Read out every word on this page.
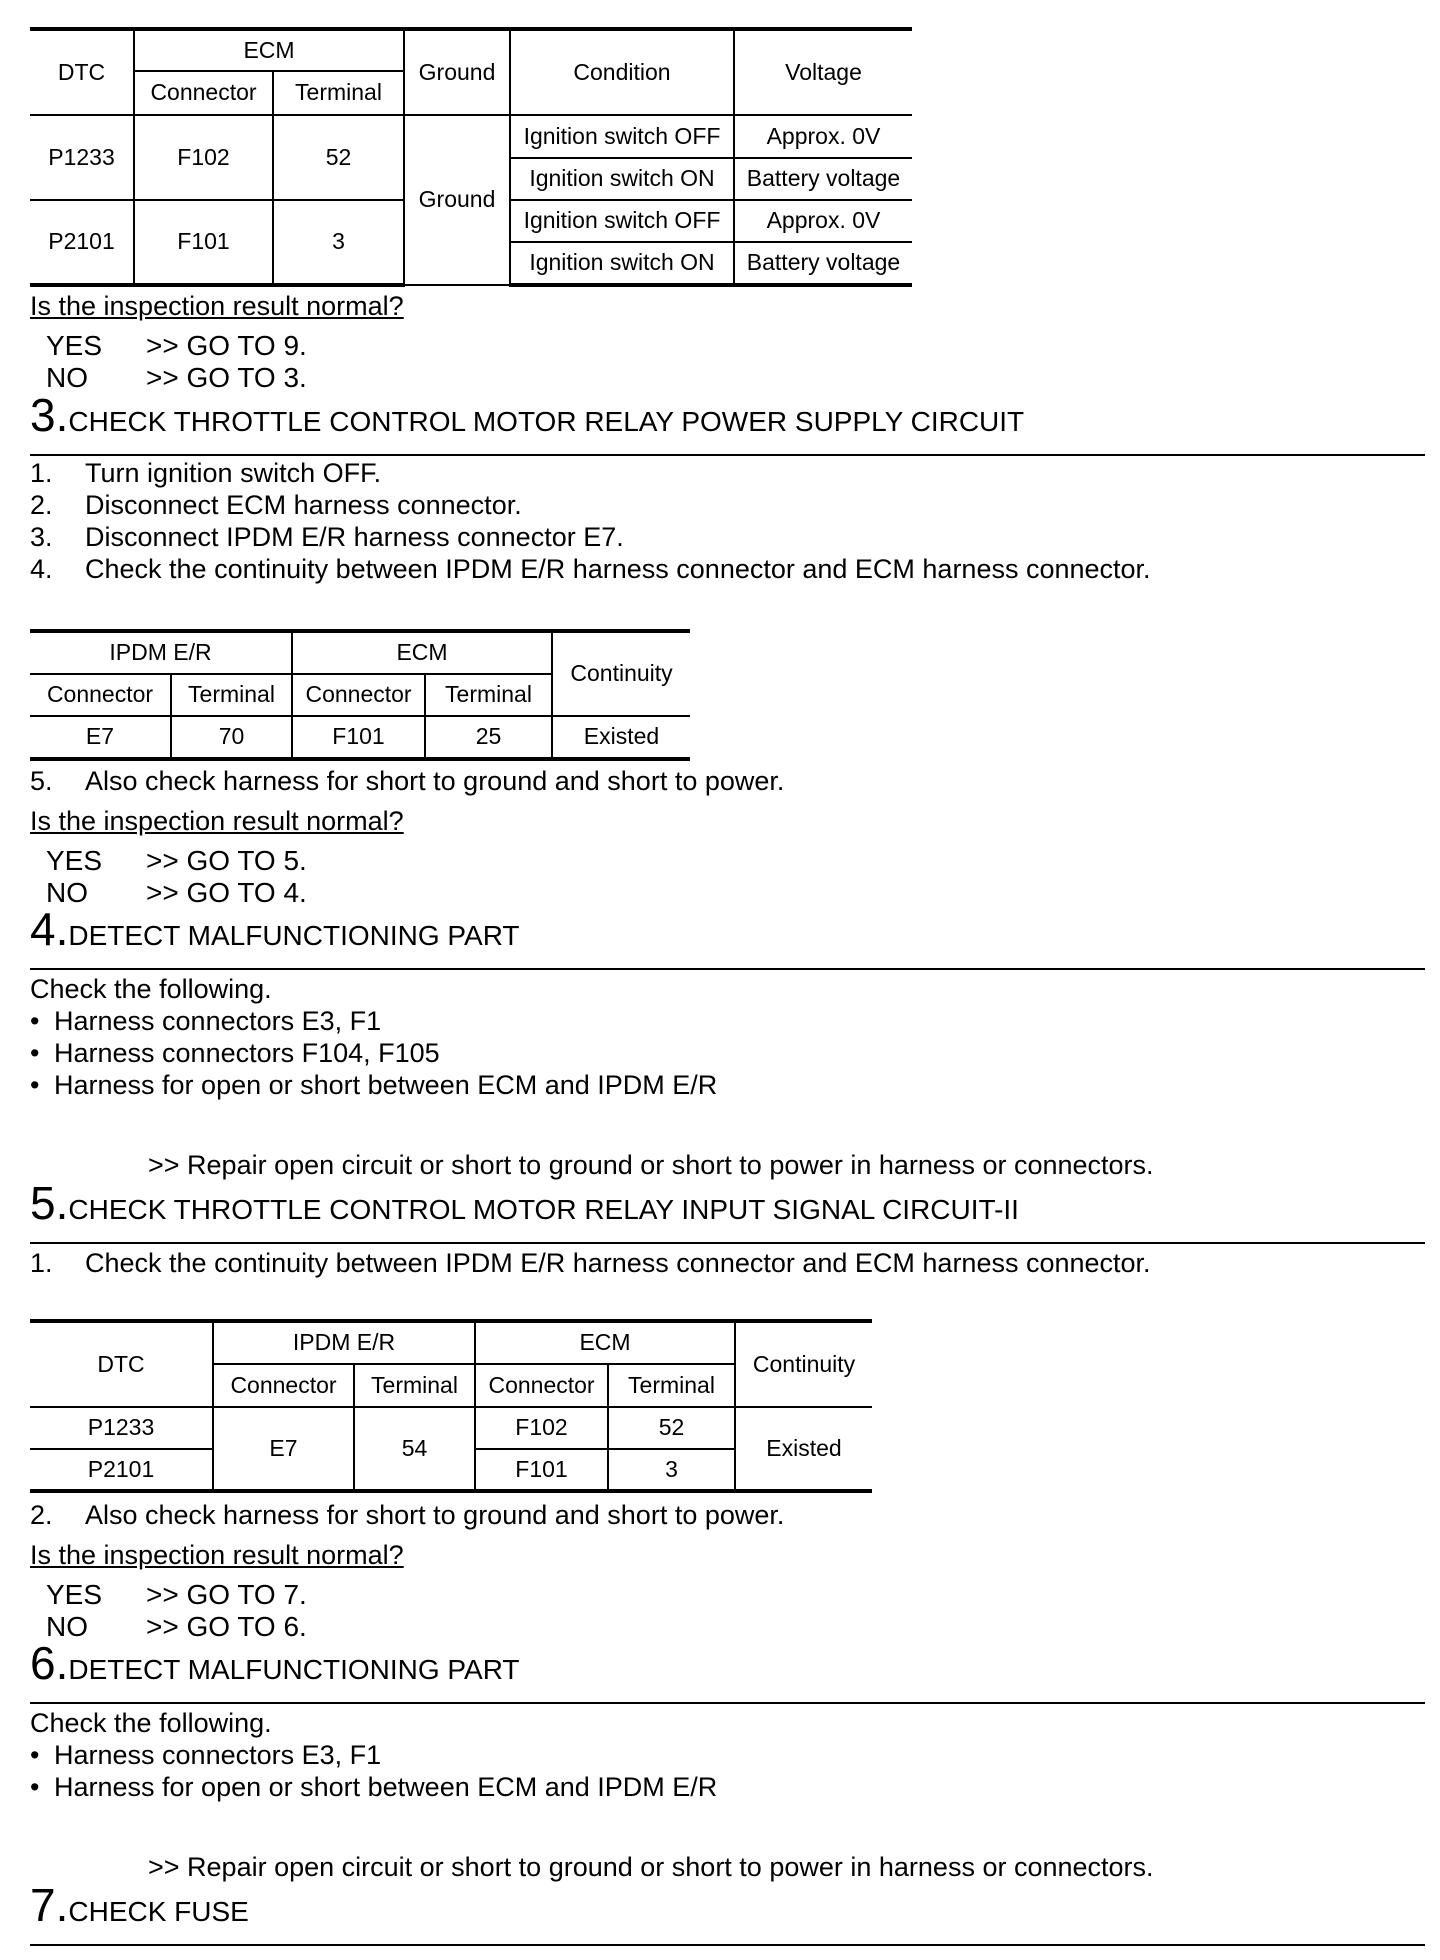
DTC	ECM		Ground	Condition	Voltage
	Connector	Terminal			
P1233	F102	52	Ground	Ignition switch OFF	Approx. 0V
				Ignition switch ON	Battery voltage
P2101	F101	3		Ignition switch OFF	Approx. 0V
				Ignition switch ON	Battery voltage
Is the inspection result normal?
YES >> GO TO 9.
NO >> GO TO 3.
3.CHECK THROTTLE CONTROL MOTOR RELAY POWER SUPPLY CIRCUIT
1. Turn ignition switch OFF.
2. Disconnect ECM harness connector.
3. Disconnect IPDM E/R harness connector E7.
4. Check the continuity between IPDM E/R harness connector and ECM harness connector.
IPDM E/R		ECM		Continuity
Connector	Terminal	Connector	Terminal	
E7	70	F101	25	Existed
5. Also check harness for short to ground and short to power.
Is the inspection result normal?
YES >> GO TO 5.
NO >> GO TO 4.
4.DETECT MALFUNCTIONING PART
Check the following.
• Harness connectors E3, F1
• Harness connectors F104, F105
• Harness for open or short between ECM and IPDM E/R
>> Repair open circuit or short to ground or short to power in harness or connectors.
5.CHECK THROTTLE CONTROL MOTOR RELAY INPUT SIGNAL CIRCUIT-II
1. Check the continuity between IPDM E/R harness connector and ECM harness connector.
DTC	IPDM E/R		ECM		Continuity
	Connector	Terminal	Connector	Terminal	
P1233	E7	54	F102	52	Existed
P2101			F101	3	
2. Also check harness for short to ground and short to power.
Is the inspection result normal?
YES >> GO TO 7.
NO >> GO TO 6.
6.DETECT MALFUNCTIONING PART
Check the following.
• Harness connectors E3, F1
• Harness for open or short between ECM and IPDM E/R
>> Repair open circuit or short to ground or short to power in harness or connectors.
7.CHECK FUSE
